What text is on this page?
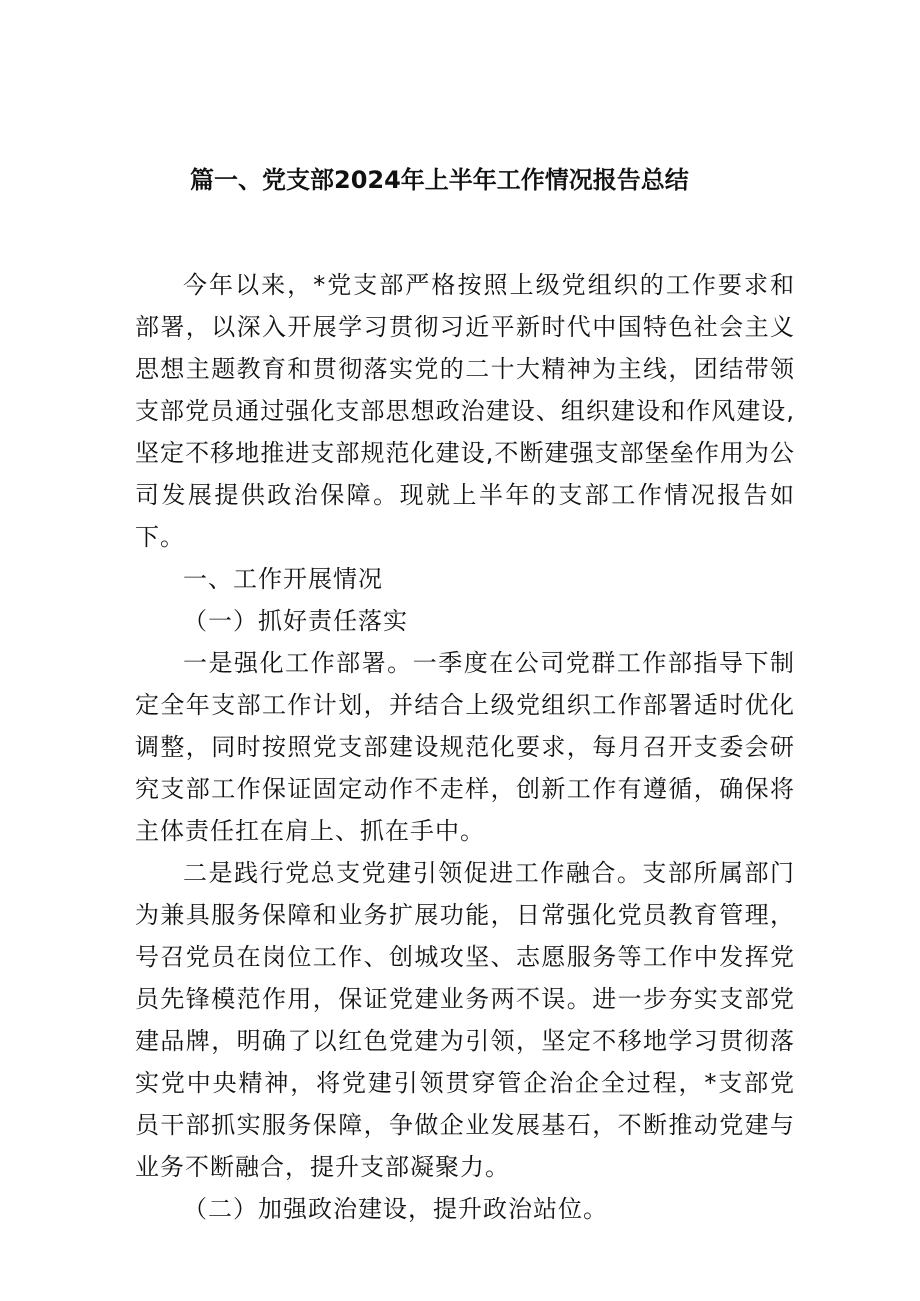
篇一、党支部2024年上半年工作情况报告总结

今年以来，*党支部严格按照上级党组织的工作要求和部署，以深入开展学习贯彻习近平新时代中国特色社会主义思想主题教育和贯彻落实党的二十大精神为主线，团结带领支部党员通过强化支部思想政治建设、组织建设和作风建设,坚定不移地推进支部规范化建设,不断建强支部堡垒作用为公司发展提供政治保障。现就上半年的支部工作情况报告如下。

一、工作开展情况

（一）抓好责任落实

一是强化工作部署。一季度在公司党群工作部指导下制定全年支部工作计划，并结合上级党组织工作部署适时优化调整，同时按照党支部建设规范化要求，每月召开支委会研究支部工作保证固定动作不走样，创新工作有遵循，确保将主体责任扛在肩上、抓在手中。

二是践行党总支党建引领促进工作融合。支部所属部门为兼具服务保障和业务扩展功能，日常强化党员教育管理，号召党员在岗位工作、创城攻坚、志愿服务等工作中发挥党员先锋模范作用，保证党建业务两不误。进一步夯实支部党建品牌，明确了以红色党建为引领，坚定不移地学习贯彻落实党中央精神，将党建引领贯穿管企治企全过程，*支部党员干部抓实服务保障，争做企业发展基石，不断推动党建与业务不断融合，提升支部凝聚力。

（二）加强政治建设，提升政治站位。
